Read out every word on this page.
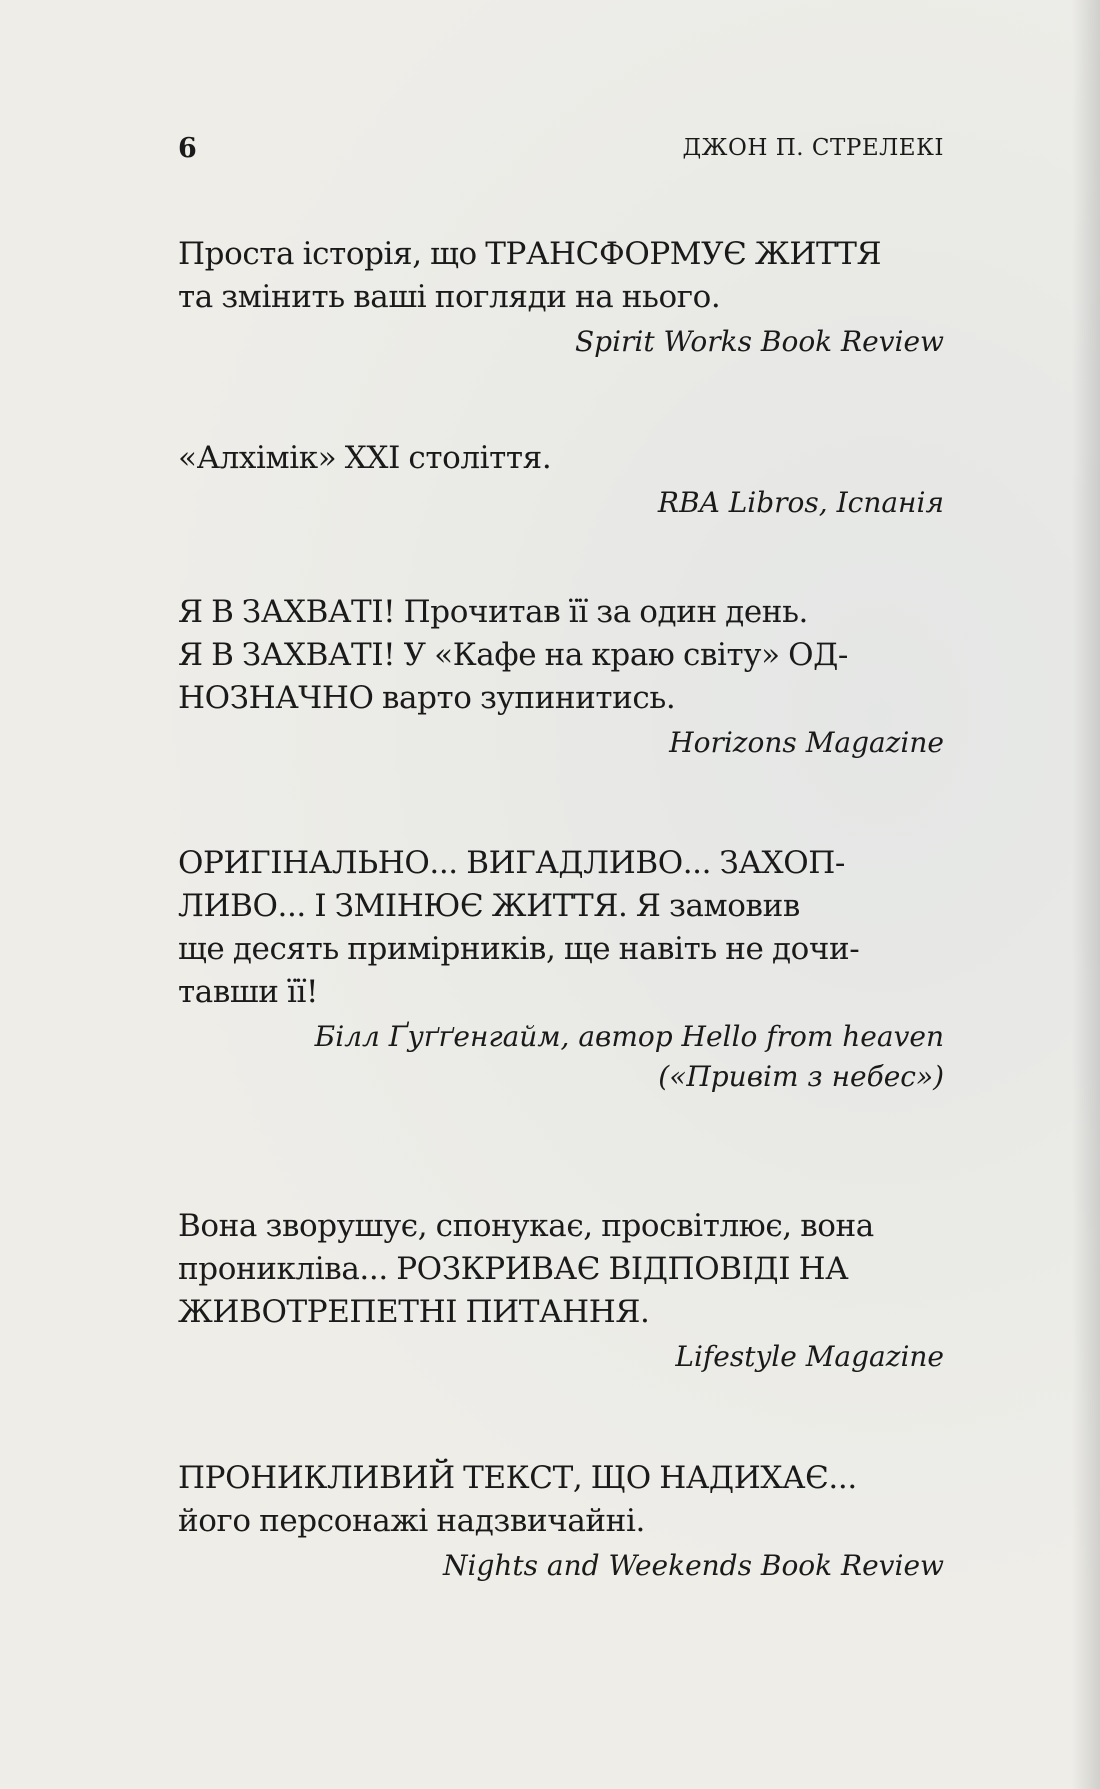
6	ДЖОН П. СТРЕЛЕКІ
Проста історія, що ТРАНСФОРМУЄ ЖИТТЯ
та змінить ваші погляди на нього.
Spirit Works Book Review
«Алхімік» XXI століття.
RBA Libros, Іспанія
Я В ЗАХВАТІ! Прочитав її за один день.
Я В ЗАХВАТІ! У «Кафе на краю світу» ОД-
НОЗНАЧНО варто зупинитись.
Horizons Magazine
ОРИГІНАЛЬНО... ВИГАДЛИВО... ЗАХОП-
ЛИВО... І ЗМІНЮЄ ЖИТТЯ. Я замовив
ще десять примірників, ще навіть не дочи-
тавши її!
Білл Ґуґґенгайм, автор Hello from heaven
(«Привіт з небес»)
Вона зворушує, спонукає, просвітлює, вона
проникліва... РОЗКРИВАЄ ВІДПОВІДІ НА
ЖИВОТРЕПЕТНІ ПИТАННЯ.
Lifestyle Magazine
ПРОНИКЛИВИЙ ТЕКСТ, ЩО НАДИХАЄ...
його персонажі надзвичайні.
Nights and Weekends Book Review
